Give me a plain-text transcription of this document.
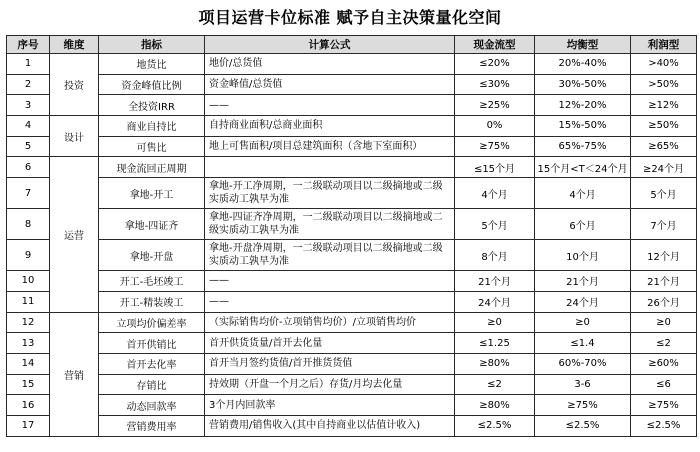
项目运营卡位标准 赋予自主决策量化空间
序号	维度	指标	计算公式	现金流型	均衡型	利润型
1	投资	地货比	地价/总货值	≤20%	20%-40%	>40%
2		资金峰值比例	资金峰值/总货值	≤30%	30%-50%	>50%
3		全投资IRR	——	≥25%	12%-20%	≥12%
4	设计	商业自持比	自持商业面积/总商业面积	0%	15%-50%	≥50%
5		可售比	地上可售面积/项目总建筑面积（含地下室面积）	≥75%	65%-75%	≥65%
6	运营	现金流回正周期		≤15个月	15个月<T＜24个月	≥24个月
7		拿地-开工	拿地-开工净周期，一二级联动项目以二级摘地或二级实质动工孰早为准	4个月	4个月	5个月
8		拿地-四证齐	拿地-四证齐净周期，一二级联动项目以二级摘地或二级实质动工孰早为准	5个月	6个月	7个月
9		拿地-开盘	拿地-开盘净周期，一二级联动项目以二级摘地或二级实质动工孰早为准	8个月	10个月	12个月
10		开工-毛坯竣工	——	21个月	21个月	21个月
11		开工-精装竣工	——	24个月	24个月	26个月
12	营销	立项均价偏差率	（实际销售均价-立项销售均价）/立项销售均价	≥0	≥0	≥0
13		首开供销比	首开供货货量/首开去化量	≤1.25	≤1.4	≤2
14		首开去化率	首开当月签约货值/首开推货货值	≥80%	60%-70%	≥60%
15		存销比	持效期（开盘一个月之后）存货/月均去化量	≤2	3-6	≤6
16		动态回款率	3个月内回款率	≥80%	≥75%	≥75%
17		营销费用率	营销费用/销售收入(其中自持商业以估值计收入)	≤2.5%	≤2.5%	≤2.5%
